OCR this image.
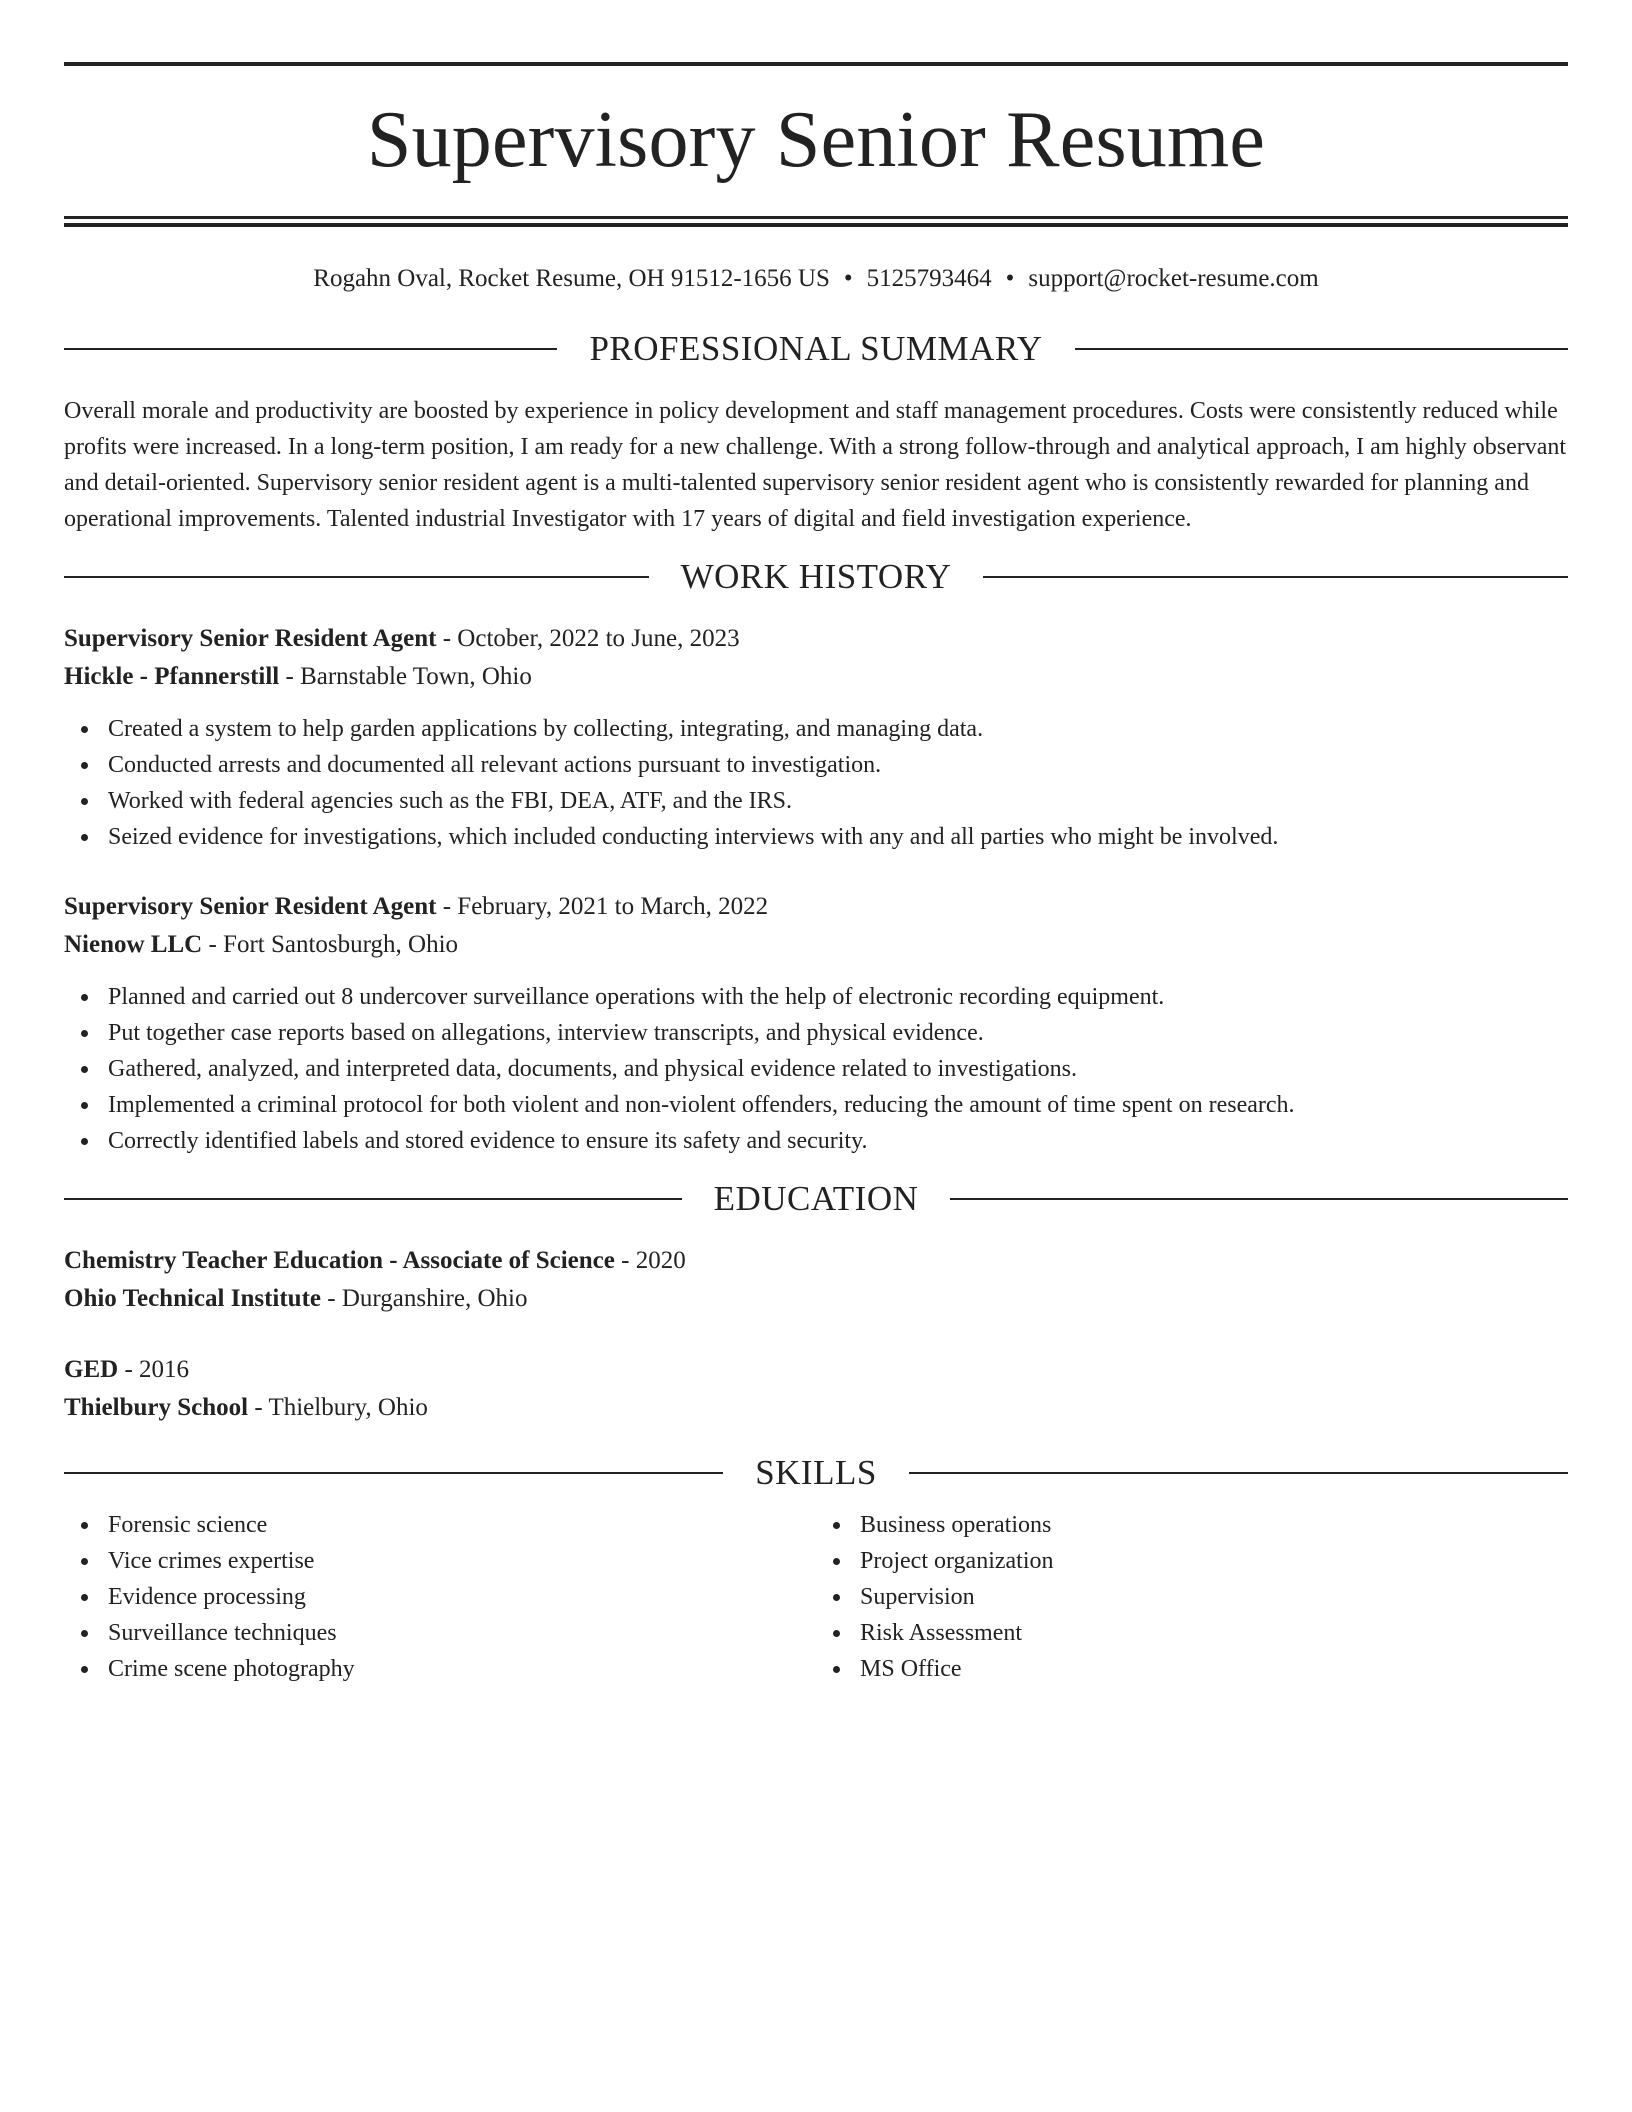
Supervisory Senior Resume
Rogahn Oval, Rocket Resume, OH 91512-1656 US • 5125793464 • support@rocket-resume.com
PROFESSIONAL SUMMARY

Overall morale and productivity are boosted by experience in policy development and staff management procedures. Costs were consistently reduced while profits were increased. In a long-term position, I am ready for a new challenge. With a strong follow-through and analytical approach, I am highly observant and detail-oriented. Supervisory senior resident agent is a multi-talented supervisory senior resident agent who is consistently rewarded for planning and operational improvements. Talented industrial Investigator with 17 years of digital and field investigation experience.

WORK HISTORY
Supervisory Senior Resident Agent - October, 2022 to June, 2023
Hickle - Pfannerstill - Barnstable Town, Ohio
Created a system to help garden applications by collecting, integrating, and managing data.
Conducted arrests and documented all relevant actions pursuant to investigation.
Worked with federal agencies such as the FBI, DEA, ATF, and the IRS.
Seized evidence for investigations, which included conducting interviews with any and all parties who might be involved.
Supervisory Senior Resident Agent - February, 2021 to March, 2022
Nienow LLC - Fort Santosburgh, Ohio
Planned and carried out 8 undercover surveillance operations with the help of electronic recording equipment.
Put together case reports based on allegations, interview transcripts, and physical evidence.
Gathered, analyzed, and interpreted data, documents, and physical evidence related to investigations.
Implemented a criminal protocol for both violent and non-violent offenders, reducing the amount of time spent on research.
Correctly identified labels and stored evidence to ensure its safety and security.
EDUCATION
Chemistry Teacher Education - Associate of Science - 2020
Ohio Technical Institute - Durganshire, Ohio
GED - 2016
Thielbury School - Thielbury, Ohio
SKILLS
Forensic science
Vice crimes expertise
Evidence processing
Surveillance techniques
Crime scene photography
Business operations
Project organization
Supervision
Risk Assessment
MS Office
